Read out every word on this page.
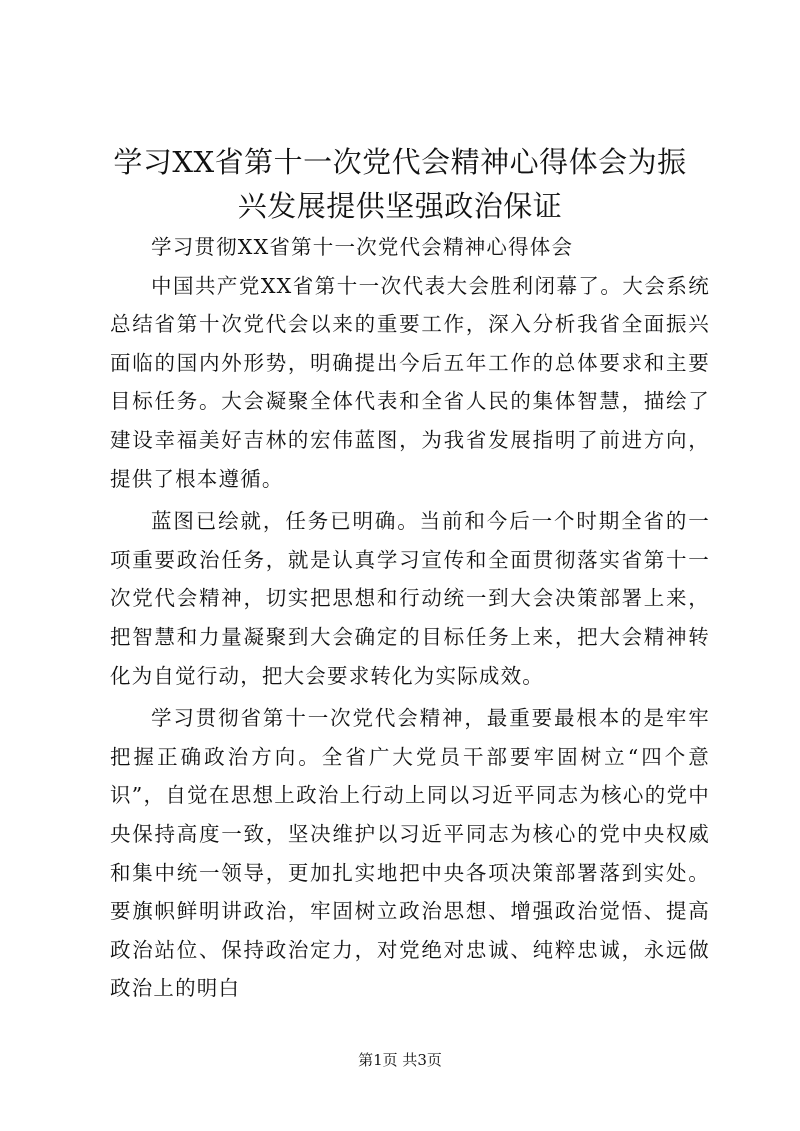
学习XX省第十一次党代会精神心得体会为振兴发展提供坚强政治保证

学习贯彻XX省第十一次党代会精神心得体会

中国共产党XX省第十一次代表大会胜利闭幕了。大会系统总结省第十次党代会以来的重要工作，深入分析我省全面振兴面临的国内外形势，明确提出今后五年工作的总体要求和主要目标任务。大会凝聚全体代表和全省人民的集体智慧，描绘了建设幸福美好吉林的宏伟蓝图，为我省发展指明了前进方向，提供了根本遵循。

蓝图已绘就，任务已明确。当前和今后一个时期全省的一项重要政治任务，就是认真学习宣传和全面贯彻落实省第十一次党代会精神，切实把思想和行动统一到大会决策部署上来，把智慧和力量凝聚到大会确定的目标任务上来，把大会精神转化为自觉行动，把大会要求转化为实际成效。

学习贯彻省第十一次党代会精神，最重要最根本的是牢牢把握正确政治方向。全省广大党员干部要牢固树立“四个意识”，自觉在思想上政治上行动上同以习近平同志为核心的党中央保持高度一致，坚决维护以习近平同志为核心的党中央权威和集中统一领导，更加扎实地把中央各项决策部署落到实处。要旗帜鲜明讲政治，牢固树立政治思想、增强政治觉悟、提高政治站位、保持政治定力，对党绝对忠诚、纯粹忠诚，永远做政治上的明白

第1页 共3页
